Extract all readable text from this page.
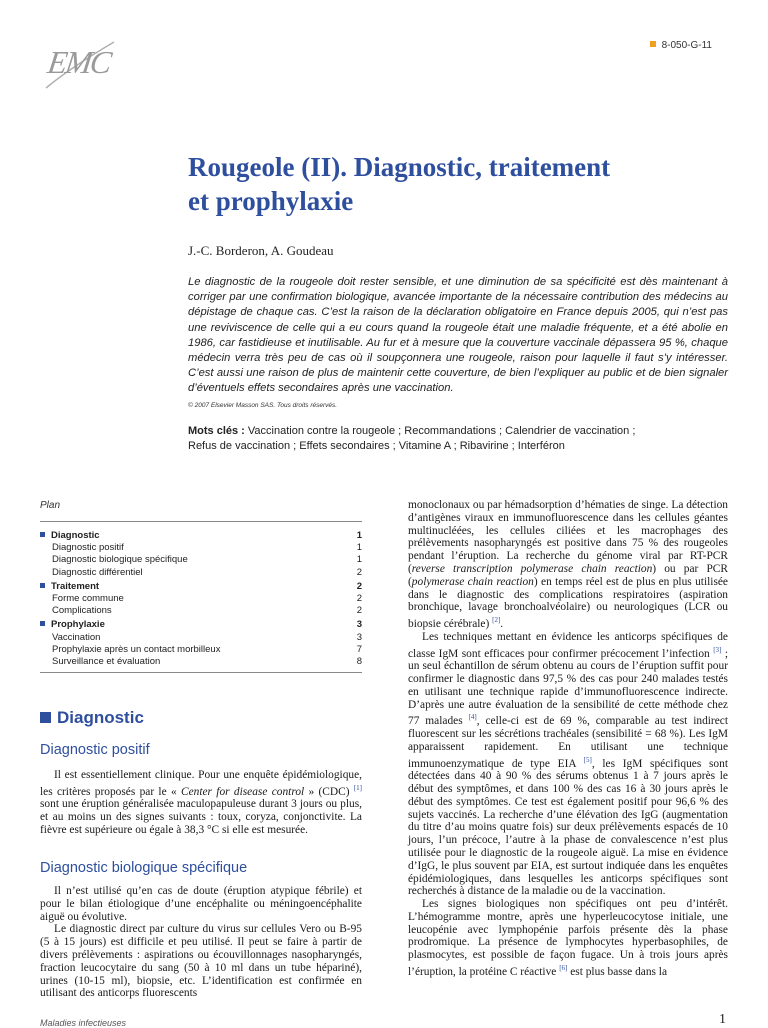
EMC	8-050-G-11
Rougeole (II). Diagnostic, traitement
et prophylaxie
J.-C. Borderon, A. Goudeau
Le diagnostic de la rougeole doit rester sensible, et une diminution de sa spécificité est dès maintenant à corriger par une confirmation biologique, avancée importante de la nécessaire contribution des médecins au dépistage de chaque cas. C’est la raison de la déclaration obligatoire en France depuis 2005, qui n’est pas une reviviscence de celle qui a eu cours quand la rougeole était une maladie fréquente, et a été abolie en 1986, car fastidieuse et inutilisable. Au fur et à mesure que la couverture vaccinale dépassera 95 %, chaque médecin verra très peu de cas où il soupçonnera une rougeole, raison pour laquelle il faut s’y intéresser. C’est aussi une raison de plus de maintenir cette couverture, de bien l’expliquer au public et de bien signaler d’éventuels effets secondaires après une vaccination.
© 2007 Elsevier Masson SAS. Tous droits réservés.
Mots clés : Vaccination contre la rougeole ; Recommandations ; Calendrier de vaccination ;
Refus de vaccination ; Effets secondaires ; Vitamine A ; Ribavirine ; Interféron
Plan
Diagnostic	1
Diagnostic positif	1
Diagnostic biologique spécifique	1
Diagnostic différentiel	2
Traitement	2
Forme commune	2
Complications	2
Prophylaxie	3
Vaccination	3
Prophylaxie après un contact morbilleux	7
Surveillance et évaluation	8
Diagnostic
Diagnostic positif

Il est essentiellement clinique. Pour une enquête épidémiologique, les critères proposés par le « Center for disease control » (CDC) [1] sont une éruption généralisée maculopapuleuse durant 3 jours ou plus, et au moins un des signes suivants : toux, coryza, conjonctivite. La fièvre est supérieure ou égale à 38,3 °C si elle est mesurée.

Diagnostic biologique spécifique

Il n’est utilisé qu’en cas de doute (éruption atypique fébrile) et pour le bilan étiologique d’une encéphalite ou méningoencéphalite aiguë ou évolutive.

Le diagnostic direct par culture du virus sur cellules Vero ou B-95 (5 à 15 jours) est difficile et peu utilisé. Il peut se faire à partir de divers prélèvements : aspirations ou écouvillonnages nasopharyngés, fraction leucocytaire du sang (50 à 10 ml dans un tube hépariné), urines (10-15 ml), biopsie, etc. L’identification est confirmée en utilisant des anticorps fluorescents

monoclonaux ou par hémadsorption d’hématies de singe. La détection d’antigènes viraux en immunofluorescence dans les cellules géantes multinucléées, les cellules ciliées et les macrophages des prélèvements nasopharyngés est positive dans 75 % des rougeoles pendant l’éruption. La recherche du génome viral par RT-PCR (reverse transcription polymerase chain reaction) ou par PCR (polymerase chain reaction) en temps réel est de plus en plus utilisée dans le diagnostic des complications respiratoires (aspiration bronchique, lavage bronchoalvéolaire) ou neurologiques (LCR ou biopsie cérébrale) [2].

Les techniques mettant en évidence les anticorps spécifiques de classe IgM sont efficaces pour confirmer précocement l’infection [3] ; un seul échantillon de sérum obtenu au cours de l’éruption suffit pour confirmer le diagnostic dans 97,5 % des cas pour 240 malades testés en utilisant une technique rapide d’immunofluorescence indirecte. D’après une autre évaluation de la sensibilité de cette méthode chez 77 malades [4], celle-ci est de 69 %, comparable au test indirect fluorescent sur les sécrétions trachéales (sensibilité = 68 %). Les IgM apparaissent rapidement. En utilisant une technique immunoenzymatique de type EIA [5], les IgM spécifiques sont détectées dans 40 à 90 % des sérums obtenus 1 à 7 jours après le début des symptômes, et dans 100 % des cas 16 à 30 jours après le début des symptômes. Ce test est également positif pour 96,6 % des sujets vaccinés. La recherche d’une élévation des IgG (augmentation du titre d’au moins quatre fois) sur deux prélèvements espacés de 10 jours, l’un précoce, l’autre à la phase de convalescence n’est plus utilisée pour le diagnostic de la rougeole aiguë. La mise en évidence d’IgG, le plus souvent par EIA, est surtout indiquée dans les enquêtes épidémiologiques, dans lesquelles les anticorps spécifiques sont recherchés à distance de la maladie ou de la vaccination.

Les signes biologiques non spécifiques ont peu d’intérêt. L’hémogramme montre, après une hyperleucocytose initiale, une leucopénie avec lymphopénie parfois présente dès la phase prodromique. La présence de lymphocytes hyperbasophiles, de plasmocytes, est possible de façon fugace. Un à trois jours après l’éruption, la protéine C réactive [6] est plus basse dans la

Maladies infectieuses	1
